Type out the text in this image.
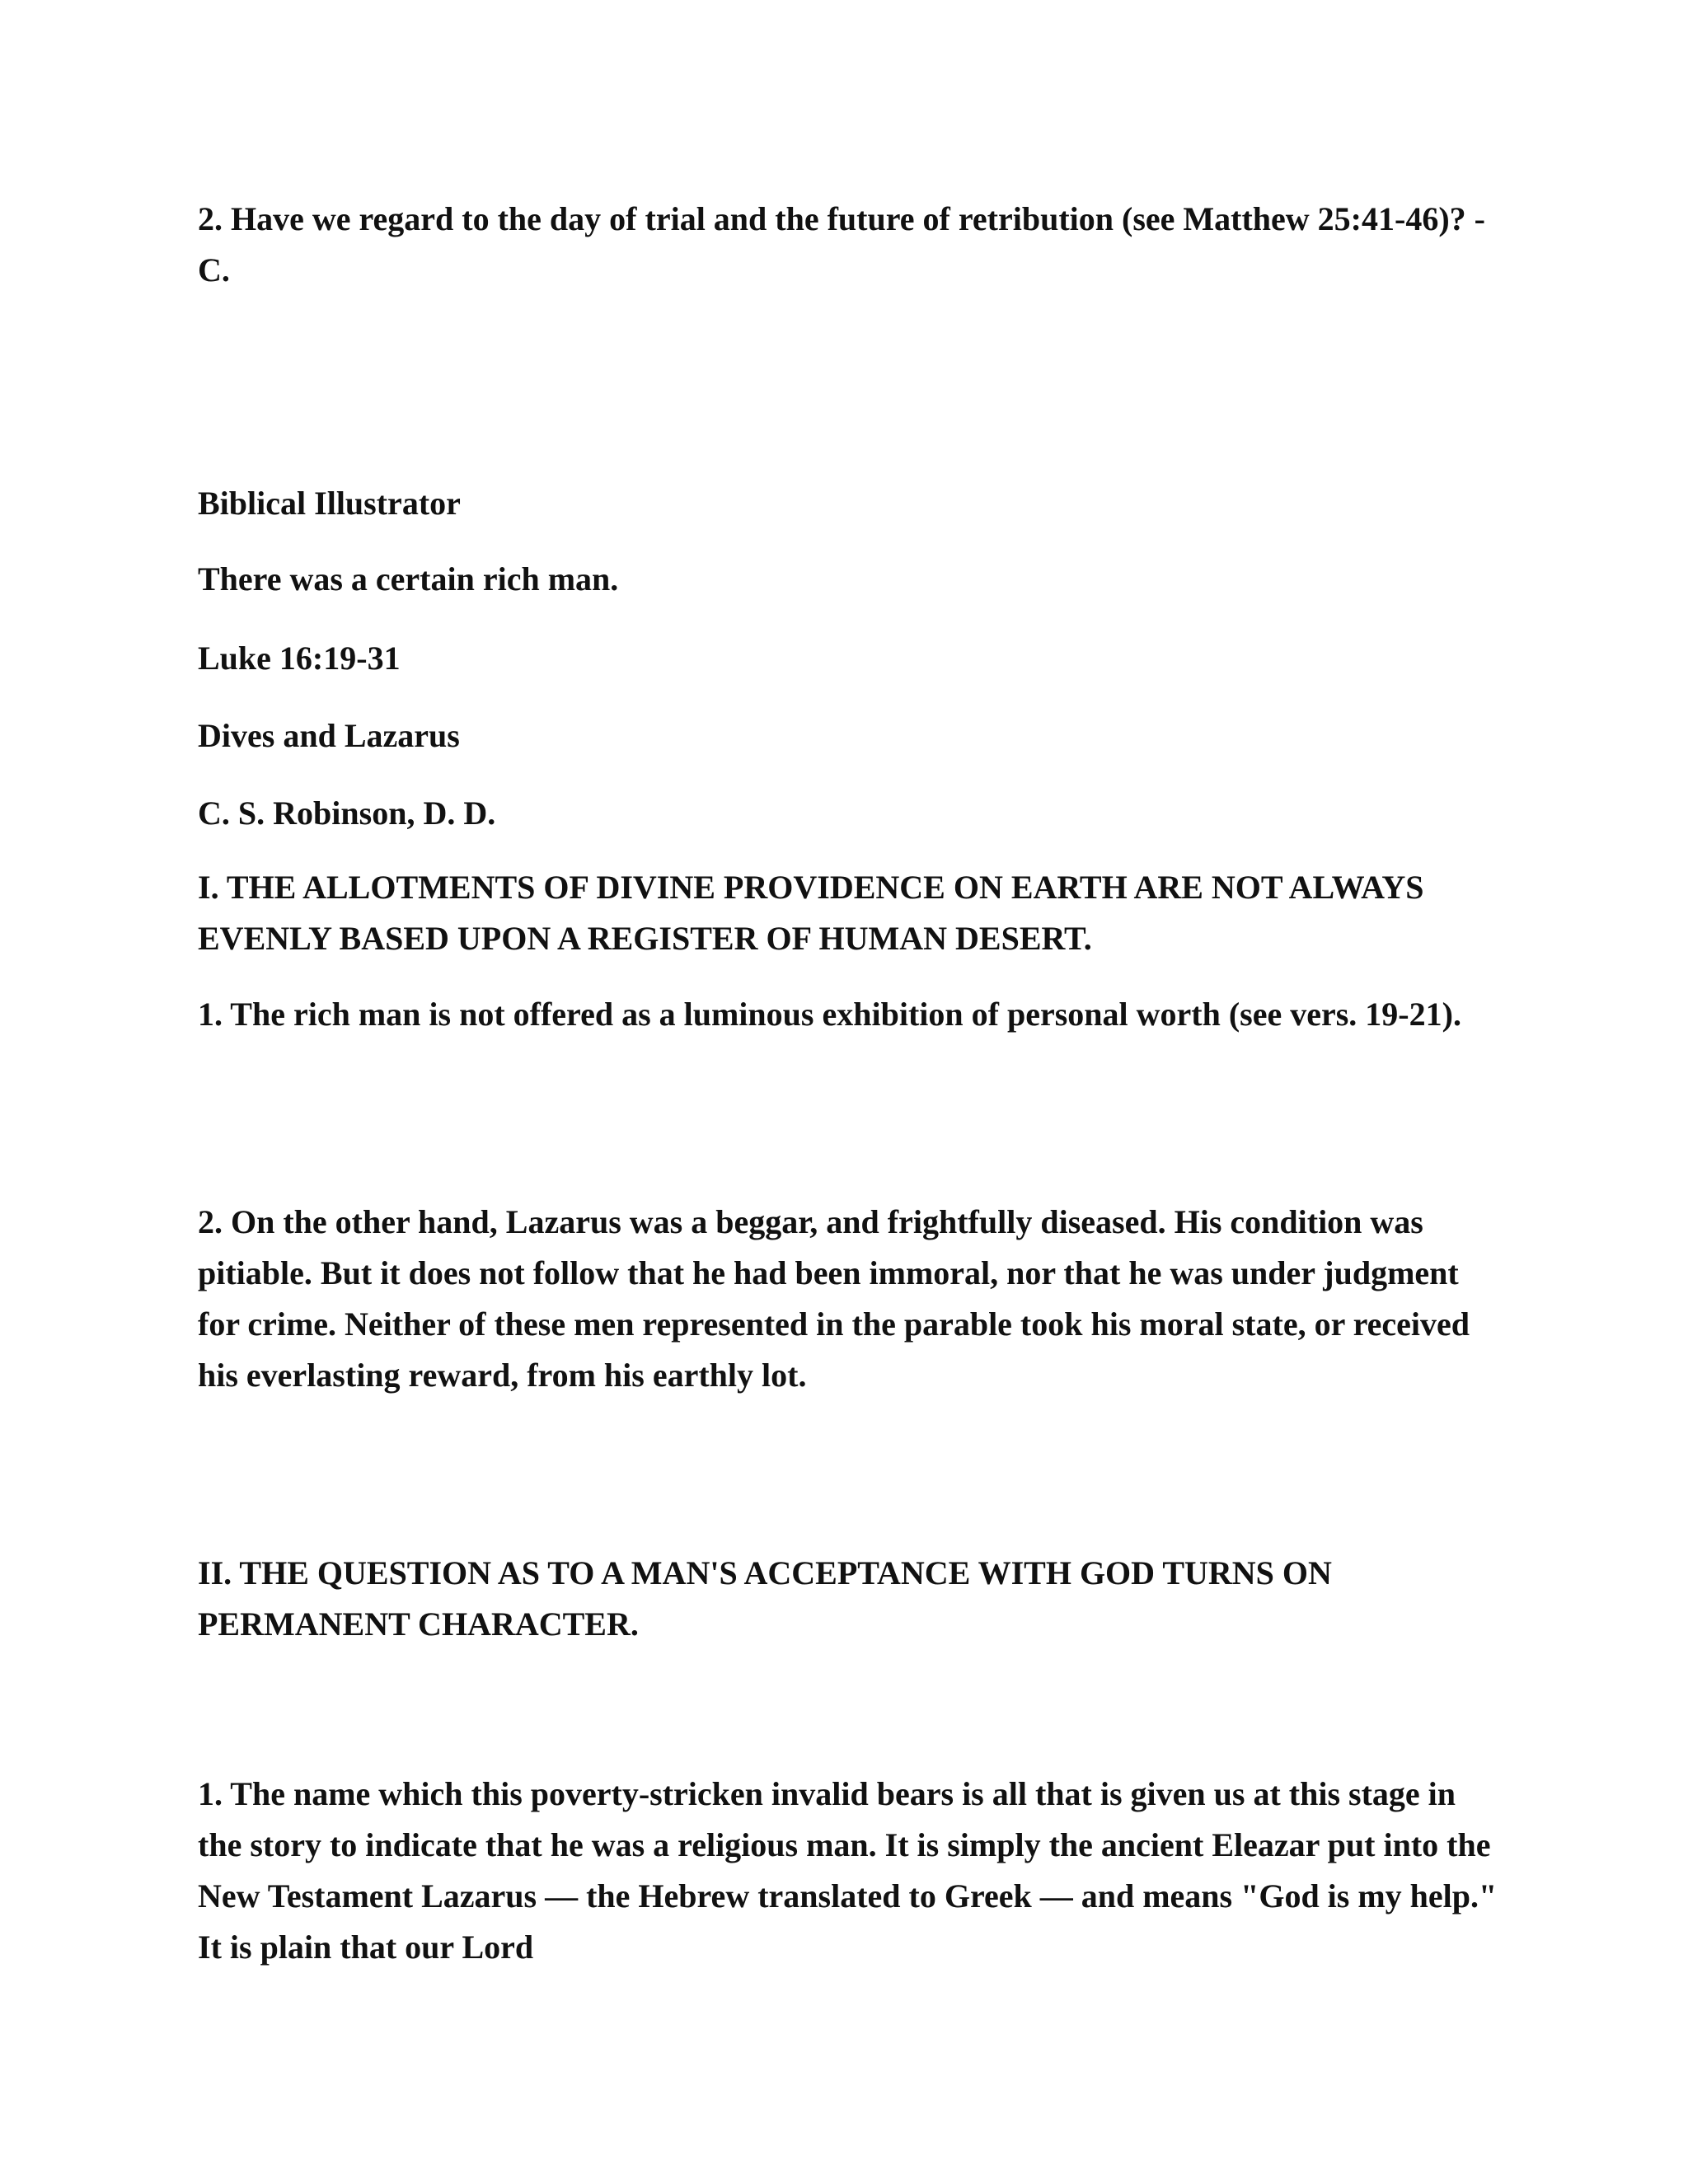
2. Have we regard to the day of trial and the future of retribution (see Matthew 25:41-46)? - C.

Biblical Illustrator

There was a certain rich man.

Luke 16:19-31

Dives and Lazarus

C. S. Robinson, D. D.

I. THE ALLOTMENTS OF DIVINE PROVIDENCE ON EARTH ARE NOT ALWAYS EVENLY BASED UPON A REGISTER OF HUMAN DESERT.

1. The rich man is not offered as a luminous exhibition of personal worth (see vers. 19-21).

2. On the other hand, Lazarus was a beggar, and frightfully diseased. His condition was pitiable. But it does not follow that he had been immoral, nor that he was under judgment for crime. Neither of these men represented in the parable took his moral state, or received his everlasting reward, from his earthly lot.

II. THE QUESTION AS TO A MAN'S ACCEPTANCE WITH GOD TURNS ON PERMANENT CHARACTER.

1. The name which this poverty-stricken invalid bears is all that is given us at this stage in the story to indicate that he was a religious man. It is simply the ancient Eleazar put into the New Testament Lazarus — the Hebrew translated to Greek — and means "God is my help." It is plain that our Lord
